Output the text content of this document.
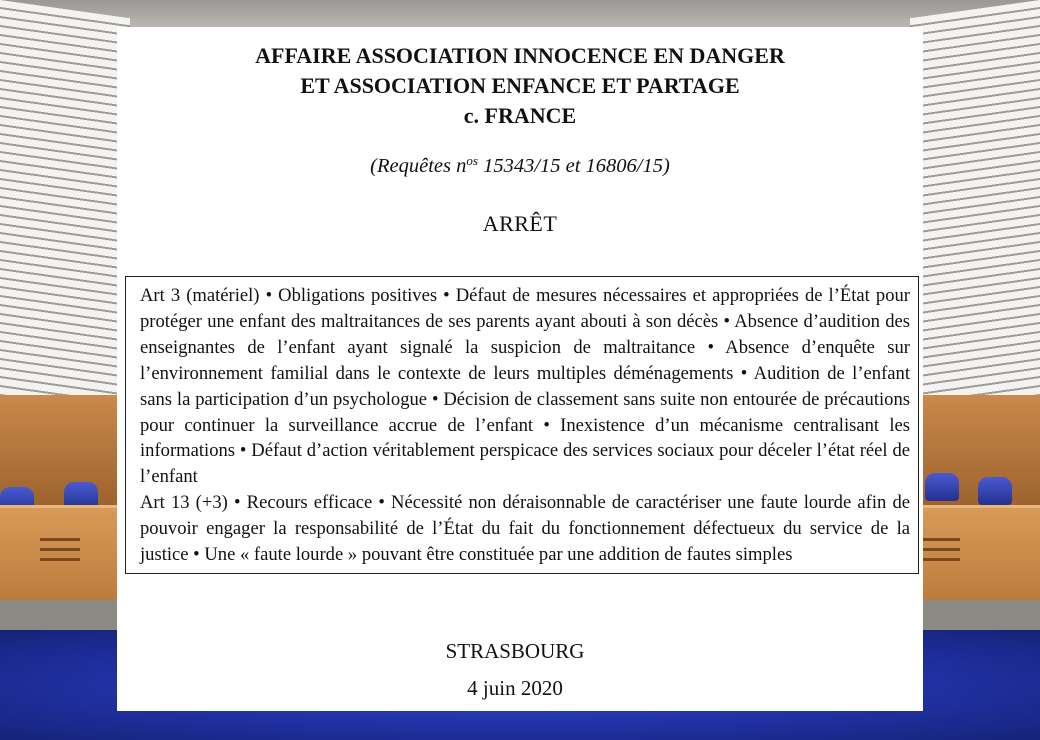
AFFAIRE ASSOCIATION INNOCENCE EN DANGER
ET ASSOCIATION ENFANCE ET PARTAGE
c. FRANCE
(Requêtes $n^{os}$ 15343/15 et 16806/15)
ARRÊT

Art 3 (matériel) • Obligations positives • Défaut de mesures nécessaires et appropriées de l’État pour protéger une enfant des maltraitances de ses parents ayant abouti à son décès • Absence d’audition des enseignantes de l’enfant ayant signalé la suspicion de maltraitance • Absence d’enquête sur l’environnement familial dans le contexte de leurs multiples déménagements • Audition de l’enfant sans la participation d’un psychologue • Décision de classement sans suite non entourée de précautions pour continuer la surveillance accrue de l’enfant • Inexistence d’un mécanisme centralisant les informations • Défaut d’action véritablement perspicace des services sociaux pour déceler l’état réel de l’enfant

Art 13 (+3) • Recours efficace • Nécessité non déraisonnable de caractériser une faute lourde afin de pouvoir engager la responsabilité de l’État du fait du fonctionnement défectueux du service de la justice • Une « faute lourde » pouvant être constituée par une addition de fautes simples

STRASBOURG
4 juin 2020
